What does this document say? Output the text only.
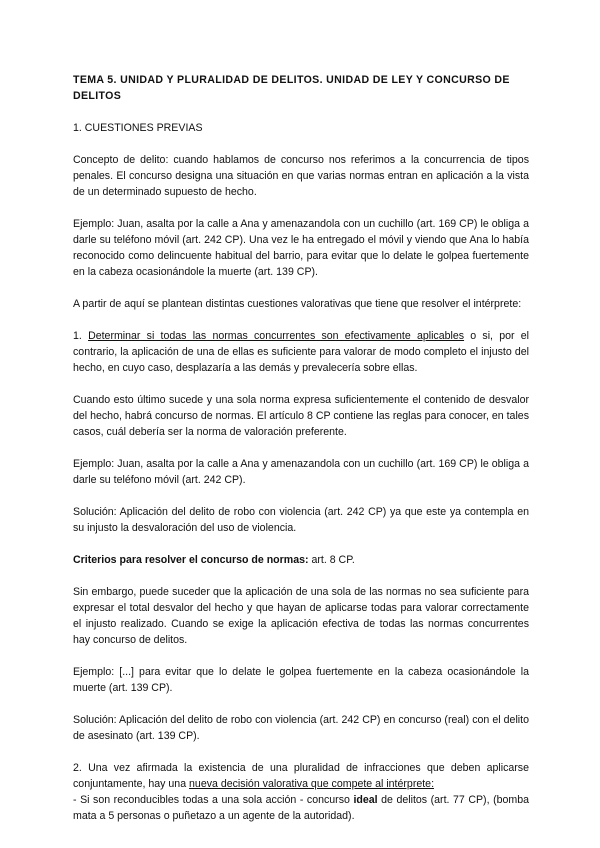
TEMA 5. UNIDAD Y PLURALIDAD DE DELITOS. UNIDAD DE LEY Y CONCURSO DE DELITOS
1. CUESTIONES PREVIAS

Concepto de delito: cuando hablamos de concurso nos referimos a la concurrencia de tipos penales. El concurso designa una situación en que varias normas entran en aplicación a la vista de un determinado supuesto de hecho.

Ejemplo: Juan, asalta por la calle a Ana y amenazandola con un cuchillo (art. 169 CP) le obliga a darle su teléfono móvil (art. 242 CP). Una vez le ha entregado el móvil y viendo que Ana lo había reconocido como delincuente habitual del barrio, para evitar que lo delate le golpea fuertemente en la cabeza ocasionándole la muerte (art. 139 CP).

A partir de aquí se plantean distintas cuestiones valorativas que tiene que resolver el intérprete:

1. Determinar si todas las normas concurrentes son efectivamente aplicables o si, por el contrario, la aplicación de una de ellas es suficiente para valorar de modo completo el injusto del hecho, en cuyo caso, desplazaría a las demás y prevalecería sobre ellas.

Cuando esto último sucede y una sola norma expresa suficientemente el contenido de desvalor del hecho, habrá concurso de normas. El artículo 8 CP contiene las reglas para conocer, en tales casos, cuál debería ser la norma de valoración preferente.

Ejemplo: Juan, asalta por la calle a Ana y amenazandola con un cuchillo (art. 169 CP) le obliga a darle su teléfono móvil (art. 242 CP).

Solución: Aplicación del delito de robo con violencia (art. 242 CP) ya que este ya contempla en su injusto la desvaloración del uso de violencia.

Criterios para resolver el concurso de normas: art. 8 CP.

Sin embargo, puede suceder que la aplicación de una sola de las normas no sea suficiente para expresar el total desvalor del hecho y que hayan de aplicarse todas para valorar correctamente el injusto realizado. Cuando se exige la aplicación efectiva de todas las normas concurrentes hay concurso de delitos.

Ejemplo: [...] para evitar que lo delate le golpea fuertemente en la cabeza ocasionándole la muerte (art. 139 CP).

Solución: Aplicación del delito de robo con violencia (art. 242 CP) en concurso (real) con el delito de asesinato (art. 139 CP).

2. Una vez afirmada la existencia de una pluralidad de infracciones que deben aplicarse conjuntamente, hay una nueva decisión valorativa que compete al intérprete:
- Si son reconducibles todas a una sola acción - concurso ideal de delitos (art. 77 CP), (bomba mata a 5 personas o puñetazo a un agente de la autoridad).
